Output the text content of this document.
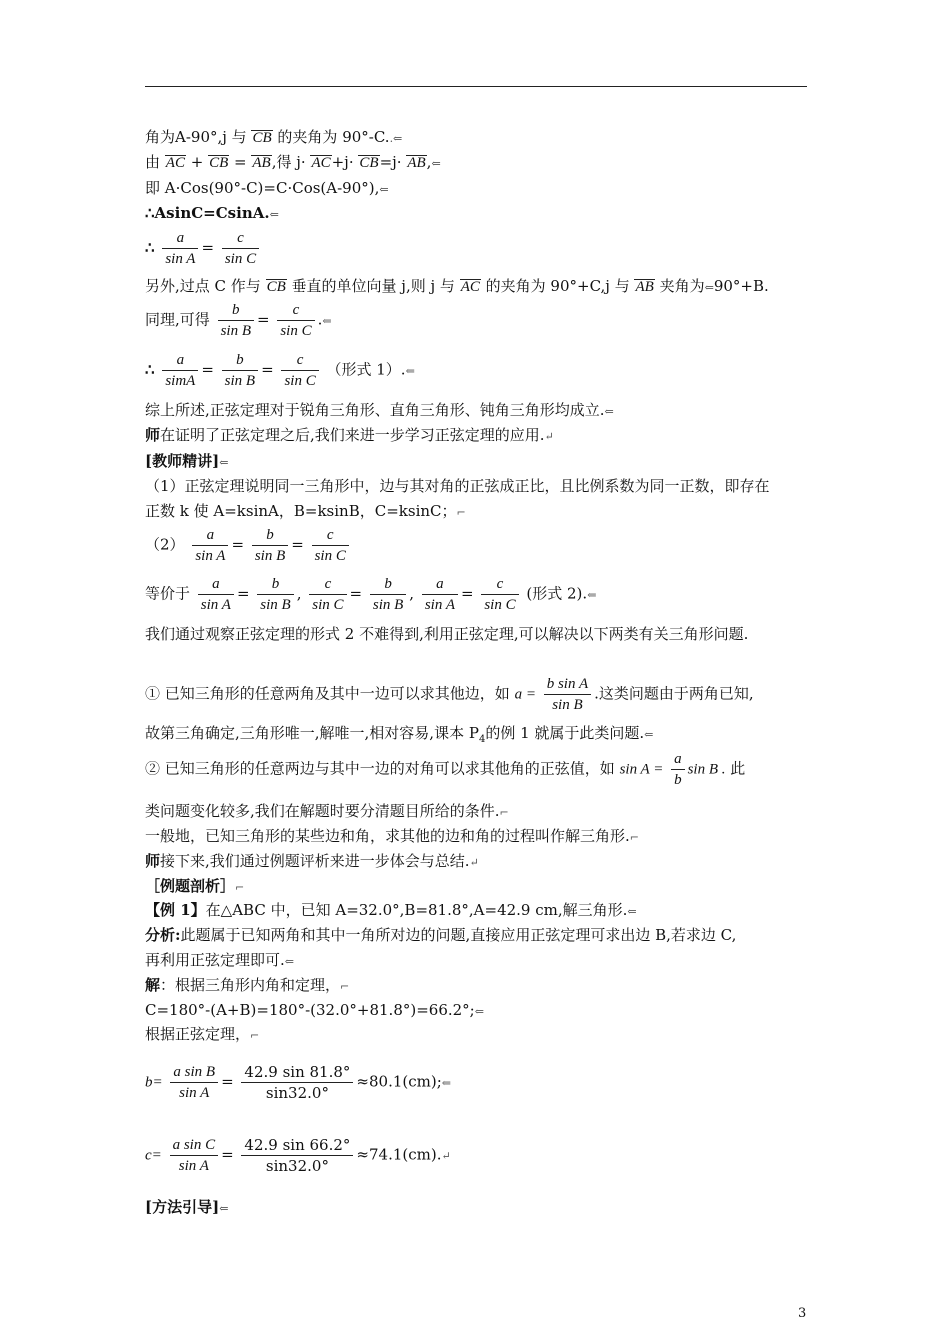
角为A-90°,j 与 CB 的夹角为 90°-C..⇐
由 AC + CB = AB,得 j· AC+j· CB=j· AB,⇐
即 A·Cos(90°-C)=C·Cos(A-90°),⇐
∴AsinC=CsinA.⇐
∴ $\frac{a}{\text{sin A}} = \frac{c}{\text{sin C}}$
另外,过点 C 作与 CB 垂直的单位向量 j,则 j 与 AC 的夹角为 90°+C,j 与 AB 夹角为⇐90°+B.
同理,可得 $\frac{b}{\text{sin B}} = \frac{c}{\text{sin C}}$ .⇐
∴ $\frac{a}{\text{simA}} = \frac{b}{\text{sin B}} = \frac{c}{\text{sin C}}$ （形式 1）.⇐
综上所述,正弦定理对于锐角三角形、直角三角形、钝角三角形均成立.⇐
师在证明了正弦定理之后,我们来进一步学习正弦定理的应用.↵
[教师精讲]⇐
（1）正弦定理说明同一三角形中，边与其对角的正弦成正比，且比例系数为同一正数，即存在
正数 k 使 A=ksinA，B=ksinB，C=ksinC；⌐
$(2) \frac{a}{\text{sin A}} = \frac{b}{\text{sin B}} = \frac{c}{\text{sin C}}$
等价于 $\frac{a}{\text{sin A}} = \frac{b}{\text{sin B}}$ , $\frac{c}{\text{sin C}} = \frac{b}{\text{sin B}}$ , $\frac{a}{\text{sin A}} = \frac{c}{\text{sin C}}$ (形式 2).⇐
我们通过观察正弦定理的形式 2 不难得到,利用正弦定理,可以解决以下两类有关三角形问题.
① 已知三角形的任意两角及其中一边可以求其他边，如 $a = \frac{\text{b sin A}}{\text{sin B}}$ .这类问题由于两角已知,
故第三角确定,三角形唯一,解唯一,相对容易,课本 $P_4$的例 1 就属于此类问题.⇐
② 已知三角形的任意两边与其中一边的对角可以求其他角的正弦值，如 $\sin A = \frac{a}{b}$ sin B . 此
类问题变化较多,我们在解题时要分清题目所给的条件.⌐
一般地，已知三角形的某些边和角，求其他的边和角的过程叫作解三角形.⌐
师接下来,我们通过例题评析来进一步体会与总结.↵
［例题剖析］⌐
【例 1】在△ABC 中，已知 A=32.0°,B=81.8°,A=42.9 cm,解三角形.⇐
分析:此题属于已知两角和其中一角所对边的问题,直接应用正弦定理可求出边 B,若求边 C,
再利用正弦定理即可.⇐
解：根据三角形内角和定理，⌐
C=180°-(A+B)=180°-(32.0°+81.8°)=66.2°;⇐
根据正弦定理，⌐
$b= \frac{\text{a sin B}}{\text{sin A}} = \frac{42.9 \sin 81.8^\circ}{\sin 32.0^\circ}$ ≈80.1(cm);⇐
$c= \frac{\text{a sin C}}{\text{sin A}} = \frac{42.9 \sin 66.2^\circ}{\sin 32.0^\circ}$ ≈74.1(cm).↵
[方法引导]⇐
3
